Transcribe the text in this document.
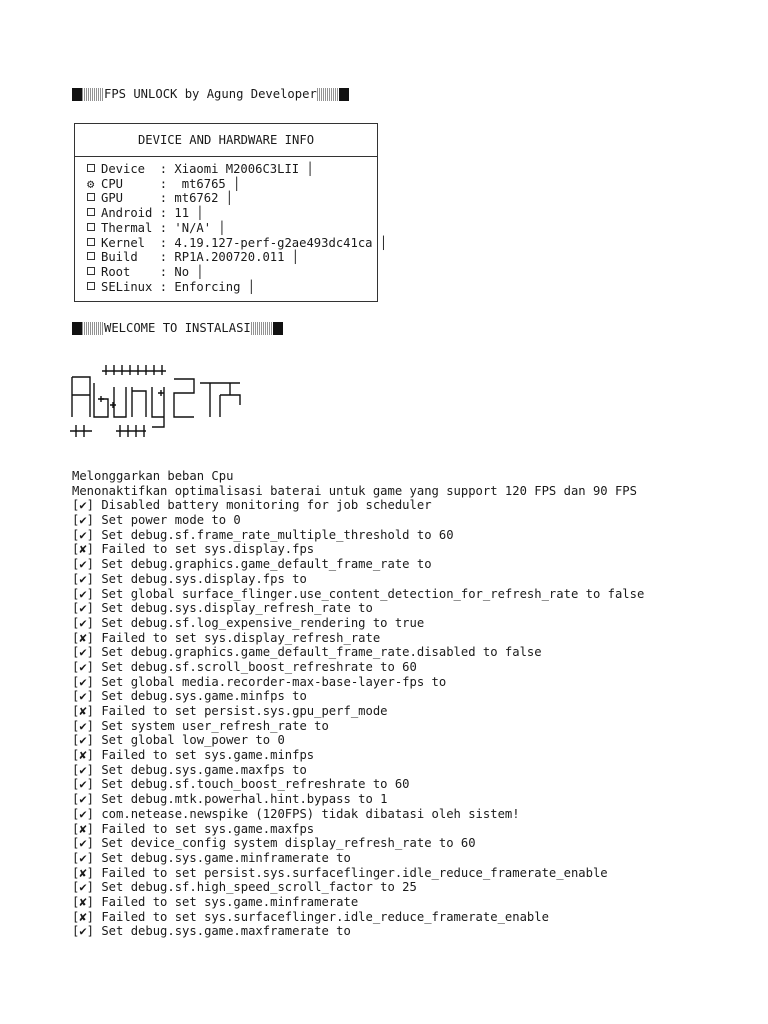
FPS UNLOCK by Agung Developer
DEVICE AND HARDWARE INFO
Device  : Xiaomi M2006C3LII │
⚙ CPU     :  mt6765 │
GPU     : mt6762 │
Android : 11 │
Thermal : 'N/A' │
Kernel  : 4.19.127-perf-g2ae493dc41ca │
Build   : RP1A.200720.011 │
Root    : No │
SELinux : Enforcing │
WELCOME TO INSTALASI
Melonggarkan beban Cpu
Menonaktifkan optimalisasi baterai untuk game yang support 120 FPS dan 90 FPS
[✔] Disabled battery monitoring for job scheduler
[✔] Set power mode to 0
[✔] Set debug.sf.frame_rate_multiple_threshold to 60
[✘] Failed to set sys.display.fps
[✔] Set debug.graphics.game_default_frame_rate to
[✔] Set debug.sys.display.fps to
[✔] Set global surface_flinger.use_content_detection_for_refresh_rate to false
[✔] Set debug.sys.display_refresh_rate to
[✔] Set debug.sf.log_expensive_rendering to true
[✘] Failed to set sys.display_refresh_rate
[✔] Set debug.graphics.game_default_frame_rate.disabled to false
[✔] Set debug.sf.scroll_boost_refreshrate to 60
[✔] Set global media.recorder-max-base-layer-fps to
[✔] Set debug.sys.game.minfps to
[✘] Failed to set persist.sys.gpu_perf_mode
[✔] Set system user_refresh_rate to
[✔] Set global low_power to 0
[✘] Failed to set sys.game.minfps
[✔] Set debug.sys.game.maxfps to
[✔] Set debug.sf.touch_boost_refreshrate to 60
[✔] Set debug.mtk.powerhal.hint.bypass to 1
[✔] com.netease.newspike (120FPS) tidak dibatasi oleh sistem!
[✘] Failed to set sys.game.maxfps
[✔] Set device_config system display_refresh_rate to 60
[✔] Set debug.sys.game.minframerate to
[✘] Failed to set persist.sys.surfaceflinger.idle_reduce_framerate_enable
[✔] Set debug.sf.high_speed_scroll_factor to 25
[✘] Failed to set sys.game.minframerate
[✘] Failed to set sys.surfaceflinger.idle_reduce_framerate_enable
[✔] Set debug.sys.game.maxframerate to
